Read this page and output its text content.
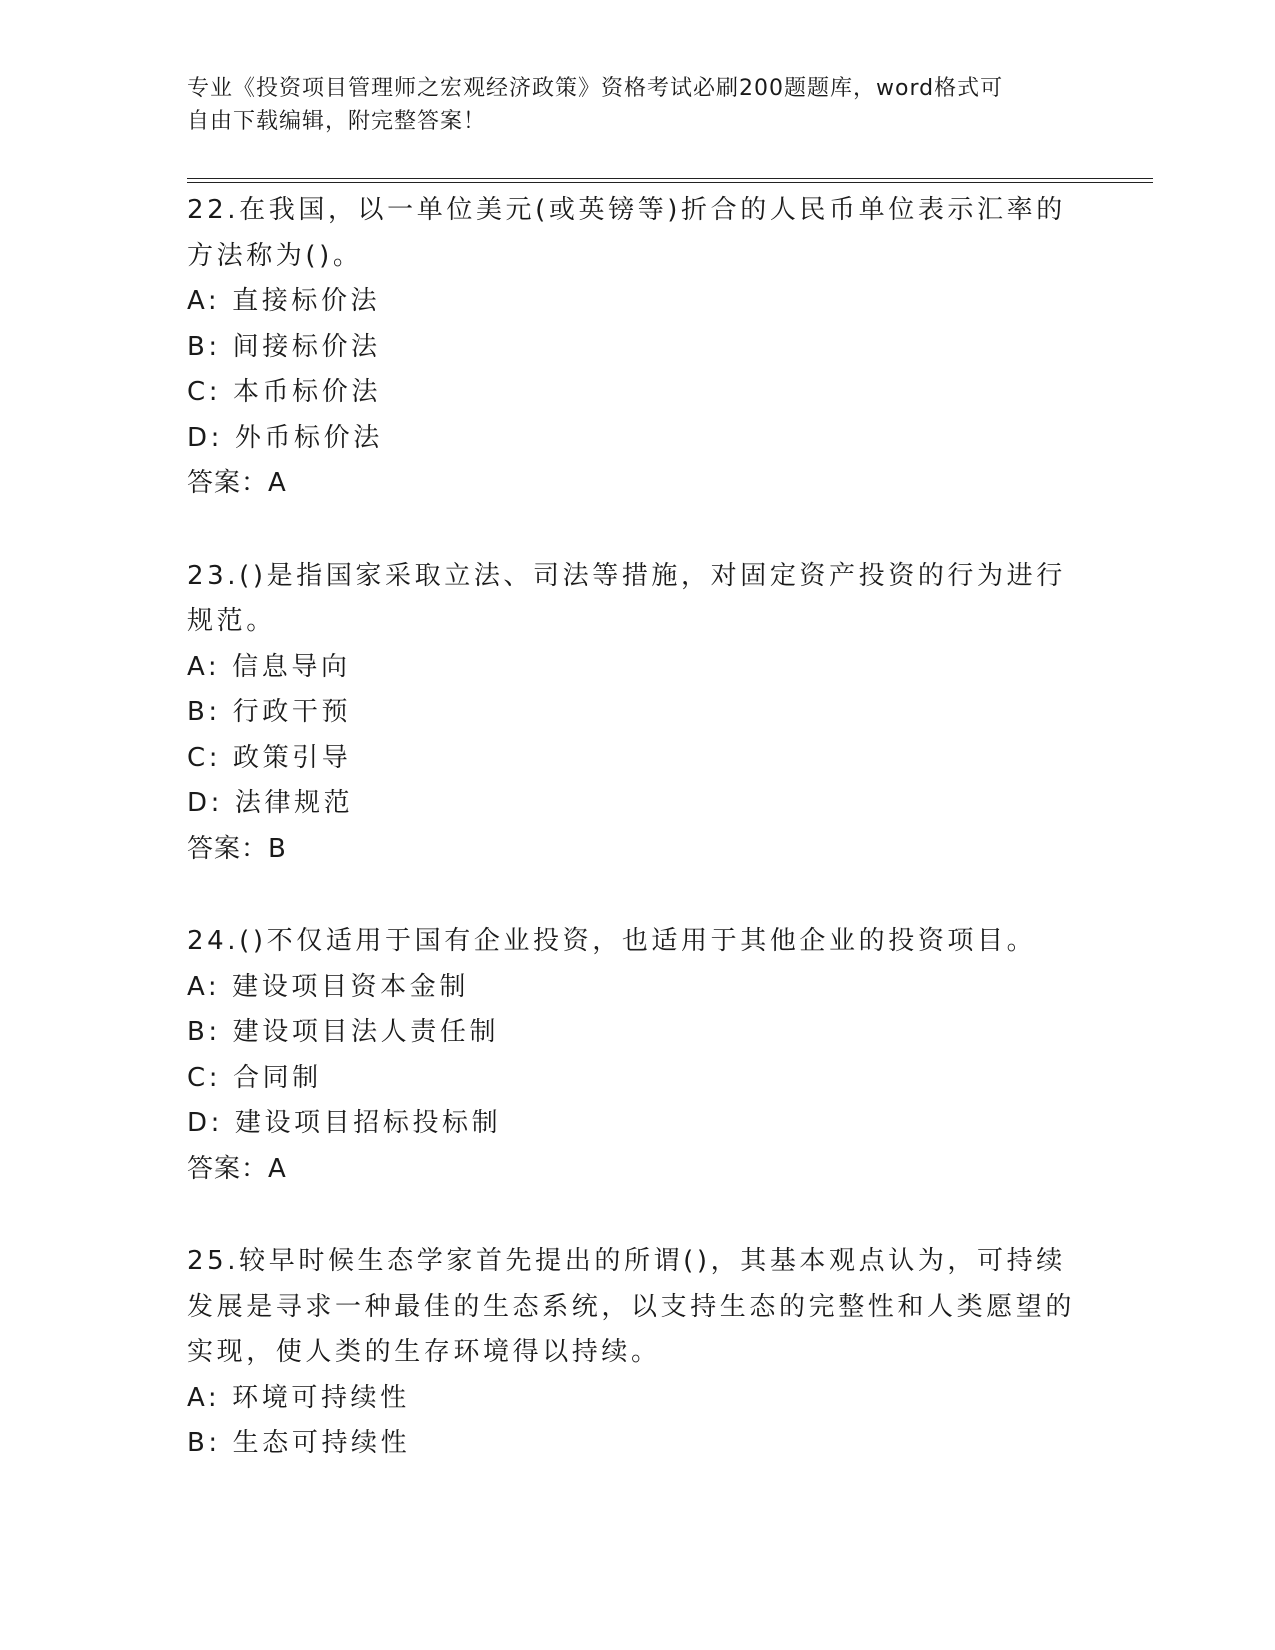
专业《投资项目管理师之宏观经济政策》资格考试必刷200题题库，word格式可
自由下载编辑，附完整答案！
22.在我国，以一单位美元(或英镑等)折合的人民币单位表示汇率的方法称为()。
A: 直接标价法
B: 间接标价法
C: 本币标价法
D: 外币标价法
答案：A
23.()是指国家采取立法、司法等措施，对固定资产投资的行为进行规范。
A: 信息导向
B: 行政干预
C: 政策引导
D: 法律规范
答案：B
24.()不仅适用于国有企业投资，也适用于其他企业的投资项目。
A: 建设项目资本金制
B: 建设项目法人责任制
C: 合同制
D: 建设项目招标投标制
答案：A
25.较早时候生态学家首先提出的所谓()，其基本观点认为，可持续发展是寻求一种最佳的生态系统，以支持生态的完整性和人类愿望的实现，使人类的生存环境得以持续。
A: 环境可持续性
B: 生态可持续性
